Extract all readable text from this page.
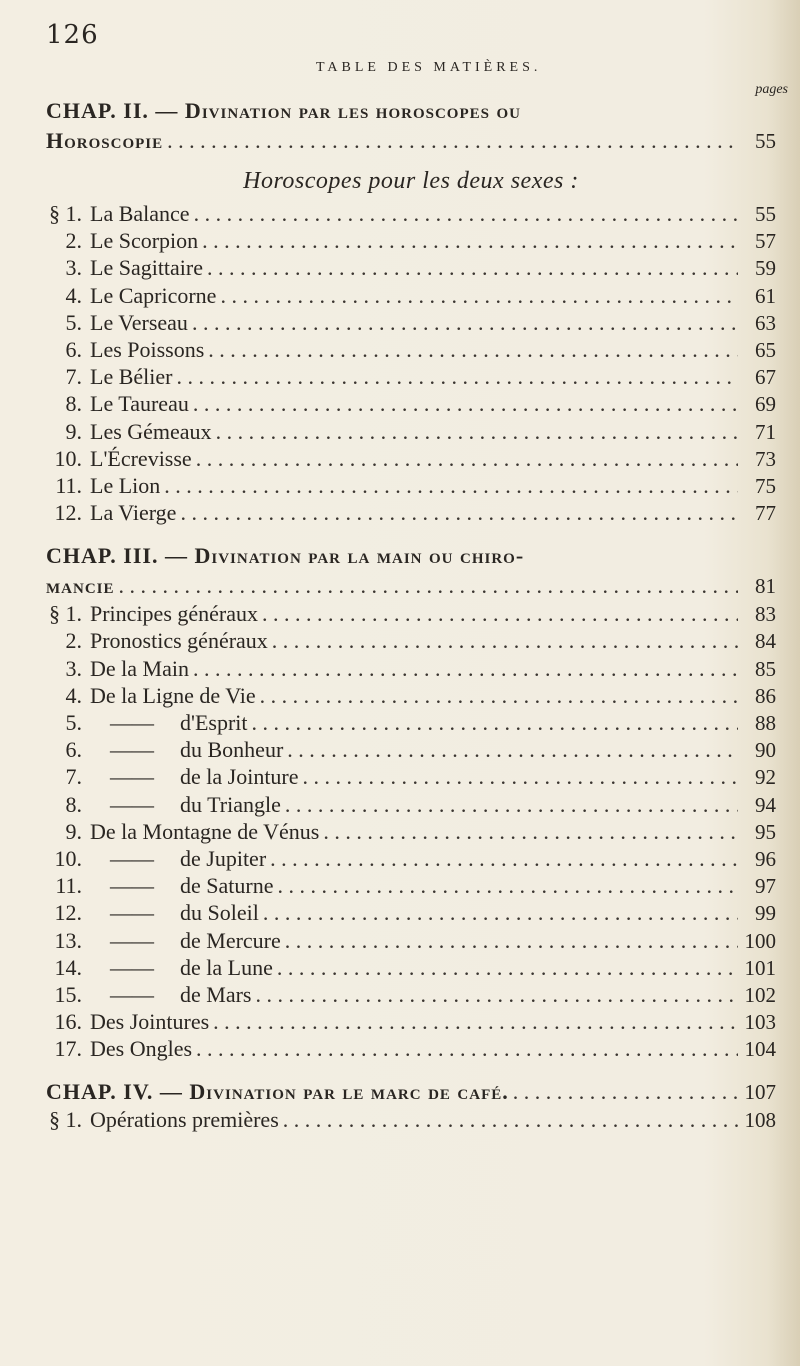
126
TABLE DES MATIÈRES.
pages
CHAP. II. — Divination par les horoscopes ou
Horoscopie . . .	55
Horoscopes pour les deux sexes :
§ 1. La Balance . . .	55
2. Le Scorpion . . .	57
3. Le Sagittaire . . .	59
4. Le Capricorne . . .	61
5. Le Verseau . . .	63
6. Les Poissons . . .	65
7. Le Bélier . . .	67
8. Le Taureau . . .	69
9. Les Gémeaux . . .	71
10. L'Écrevisse . . .	73
11. Le Lion . . .	75
12. La Vierge . . .	77
CHAP. III. — Divination par la main ou chiro-
mancie . . .	81
§ 1. Principes généraux . . .	83
2. Pronostics généraux . . .	84
3. De la Main . . .	85
4. De la Ligne de Vie . . .	86
5.	——	d'Esprit . . .	88
6.	——	du Bonheur . . .	90
7.	——	de la Jointure . . .	92
8.	——	du Triangle . . .	94
9. De la Montagne de Vénus . . .	95
10.	——	de Jupiter . . .	96
11.	——	de Saturne . . .	97
12.	——	du Soleil . . .	99
13.	——	de Mercure . . .	100
14.	——	de la Lune . . .	101
15.	——	de Mars . . .	102
16. Des Jointures . . .	103
17. Des Ongles . . .	104
CHAP. IV. — Divination par le marc de café. . . .	107
§ 1. Opérations premières . . .	108
